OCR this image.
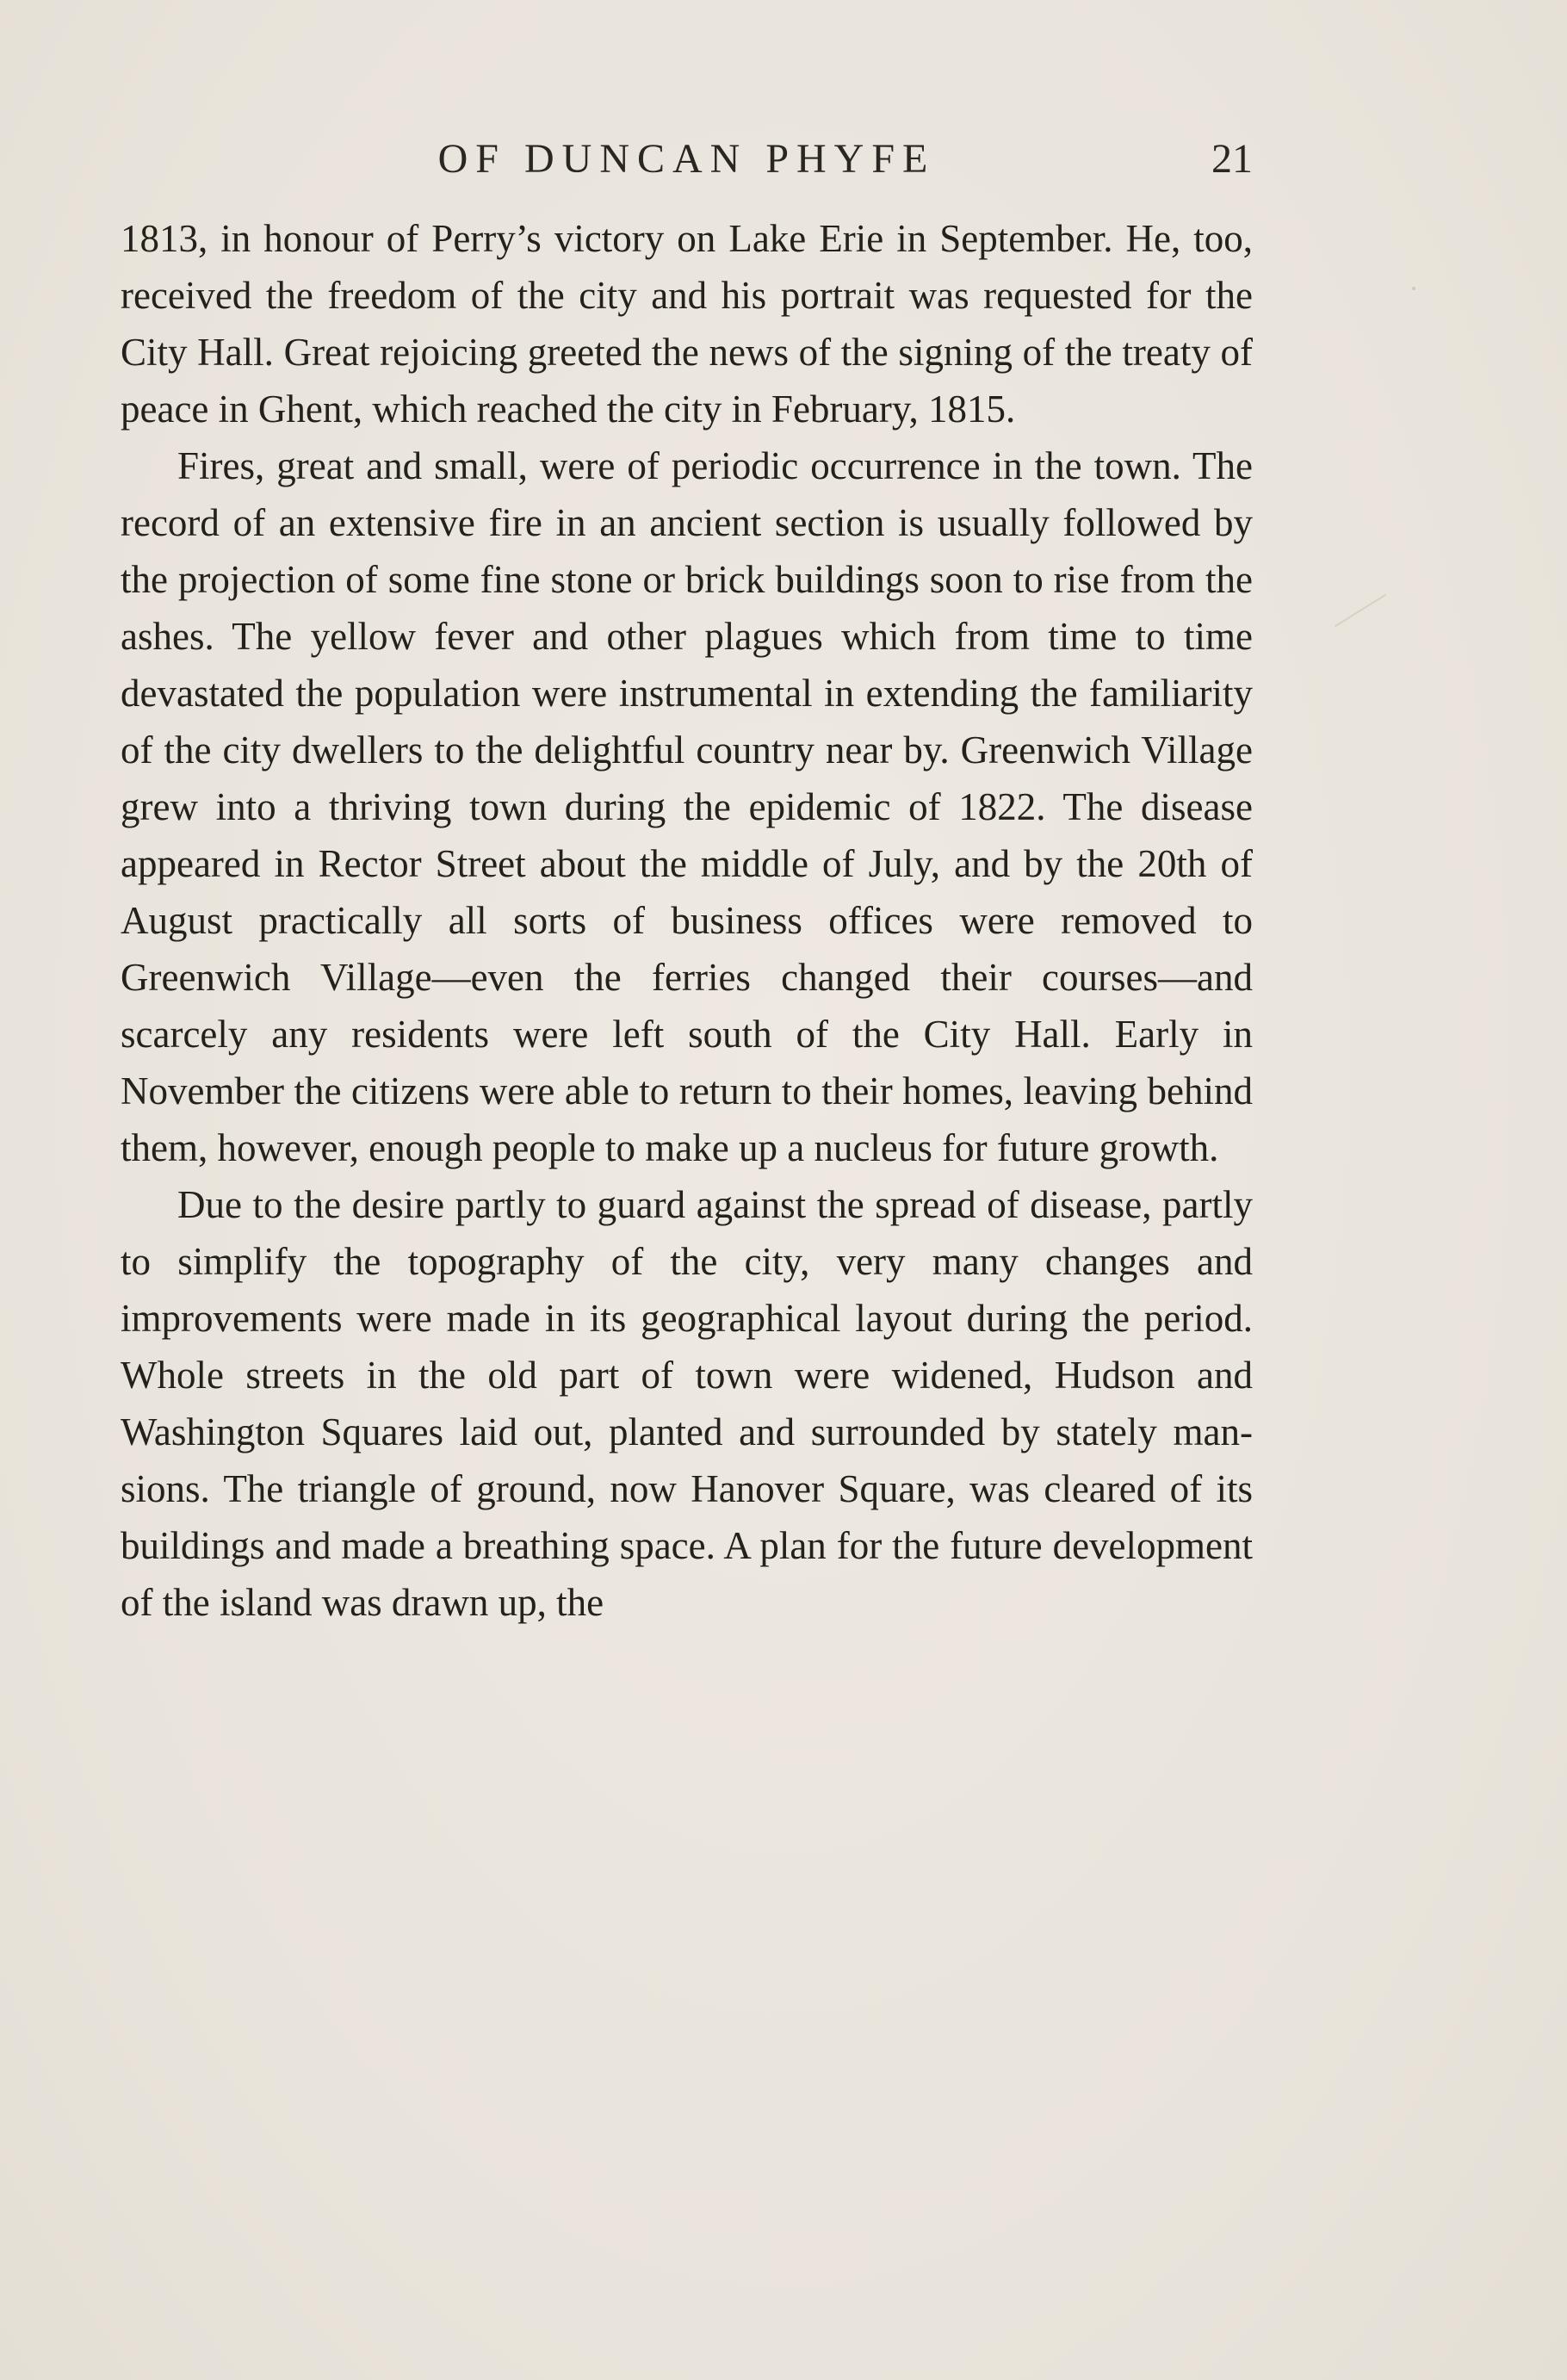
OF DUNCAN PHYFE	21

1813, in honour of Perry’s victory on Lake Erie in September. He, too, received the freedom of the city and his portrait was requested for the City Hall. Great rejoicing greeted the news of the signing of the treaty of peace in Ghent, which reached the city in February, 1815.

Fires, great and small, were of periodic occurrence in the town. The record of an extensive fire in an ancient section is usually followed by the projection of some fine stone or brick buildings soon to rise from the ashes. The yellow fever and other plagues which from time to time devastated the population were instrumental in extending the familiarity of the city dwellers to the delightful country near by. Greenwich Village grew into a thriving town during the epidemic of 1822. The disease appeared in Rector Street about the middle of July, and by the 20th of August practically all sorts of business offices were removed to Greenwich Village—even the ferries changed their courses—and scarcely any residents were left south of the City Hall. Early in November the citizens were able to return to their homes, leaving behind them, however, enough people to make up a nucleus for future growth.

Due to the desire partly to guard against the spread of disease, partly to simplify the topography of the city, very many changes and improvements were made in its geographical layout during the period. Whole streets in the old part of town were widened, Hudson and Washington Squares laid out, planted and surrounded by stately mansions. The triangle of ground, now Hanover Square, was cleared of its buildings and made a breathing space. A plan for the future development of the island was drawn up, the
